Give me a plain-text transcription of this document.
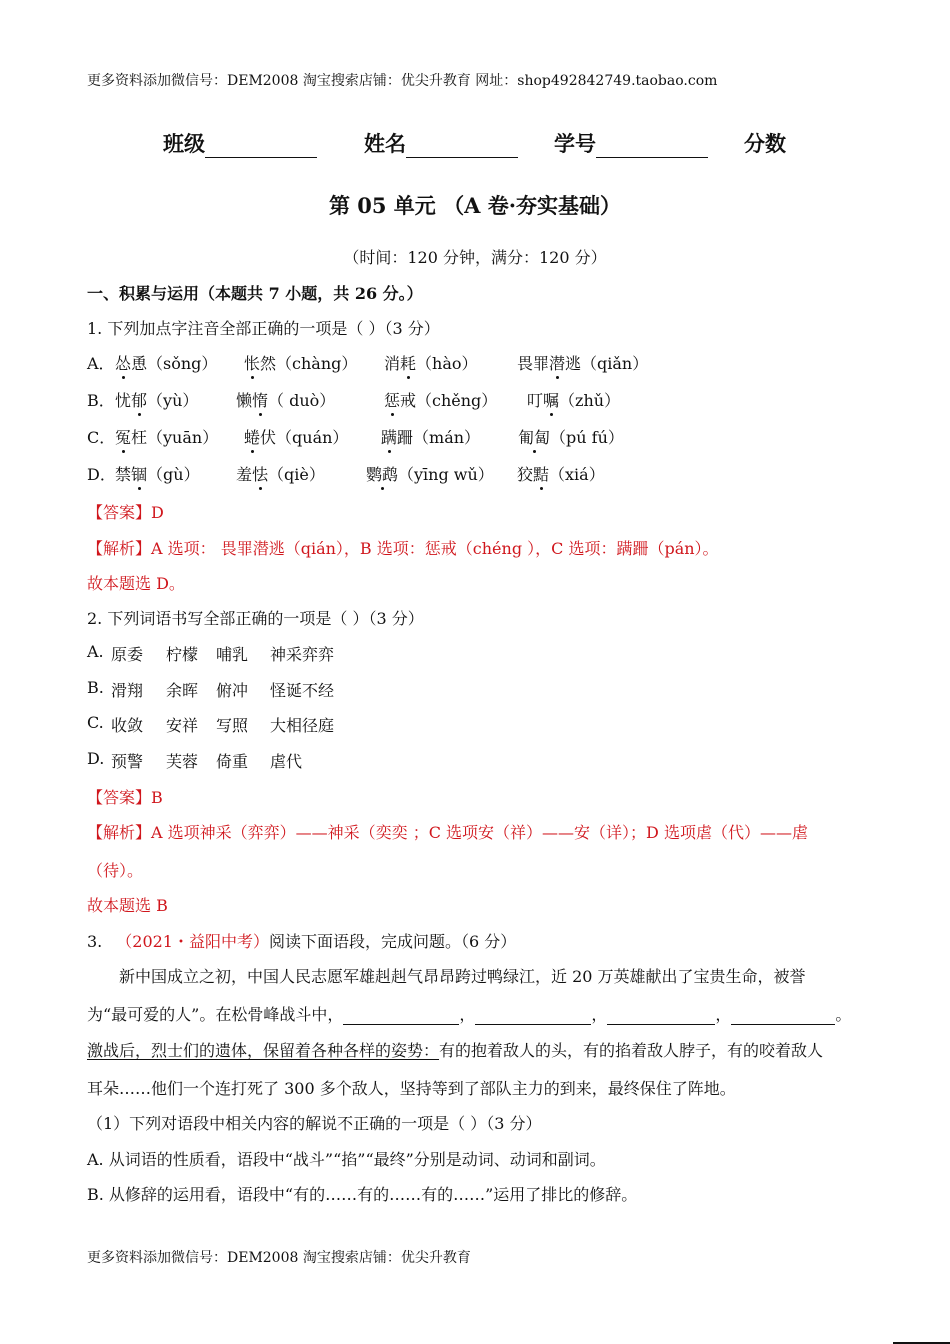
更多资料添加微信号：DEM2008 淘宝搜索店铺：优尖升教育 网址：shop492842749.taobao.com
班级	姓名	学号	分数
第 05 单元 （A 卷·夯实基础）
（时间：120 分钟，满分：120 分）
一、积累与运用（本题共 7 小题，共 26 分。）
1. 下列加点字注音全部正确的一项是（ ）（3 分）
A． 怂恿（sǒng） 怅然（chàng） 消耗（hào） 畏罪潜逃（qiǎn）
B． 忧郁（yù） 懒惰（ duò）	惩戒（chěng） 叮嘱（zhǔ）
C． 冤枉（yuān） 蜷伏（quán） 蹒跚（mán） 匍匐（pú fú）
D． 禁锢（gù） 羞怯（qiè）	鹦鹉（yīng wǔ） 狡黠（xiá）
【答案】D
【解析】A 选项： 畏罪潜逃（qián），B 选项：惩戒（chéng ），C 选项：蹒跚（pán）。
故本题选 D。
2. 下列词语书写全部正确的一项是（ ）（3 分）
A. 原委 柠檬 哺乳 神采弈弈
B. 滑翔 余晖 俯冲 怪诞不经
C. 收敛 安祥 写照 大相径庭
D. 预警 芙蓉 倚重 虐代
【答案】B
【解析】A 选项神采（弈弈）——神采（奕奕 ；C 选项安（祥）——安（详）；D 选项虐（代）——虐
（待）。
故本题选 B
3. （2021・益阳中考）阅读下面语段，完成问题。（6 分）
新中国成立之初，中国人民志愿军雄赳赳气昂昂跨过鸭绿江，近 20 万英雄献出了宝贵生命，被誉
为“最可爱的人”。在松骨峰战斗中，	，	，	，	。
激战后，烈士们的遗体，保留着各种各样的姿势：有的抱着敌人的头，有的掐着敌人脖子，有的咬着敌人
耳朵……他们一个连打死了 300 多个敌人，坚持等到了部队主力的到来，最终保住了阵地。
（1）下列对语段中相关内容的解说不正确的一项是（ ）（3 分）
A. 从词语的性质看，语段中“战斗”“掐”“最终”分别是动词、动词和副词。
B. 从修辞的运用看，语段中“有的……有的……有的……”运用了排比的修辞。
更多资料添加微信号：DEM2008 淘宝搜索店铺：优尖升教育
